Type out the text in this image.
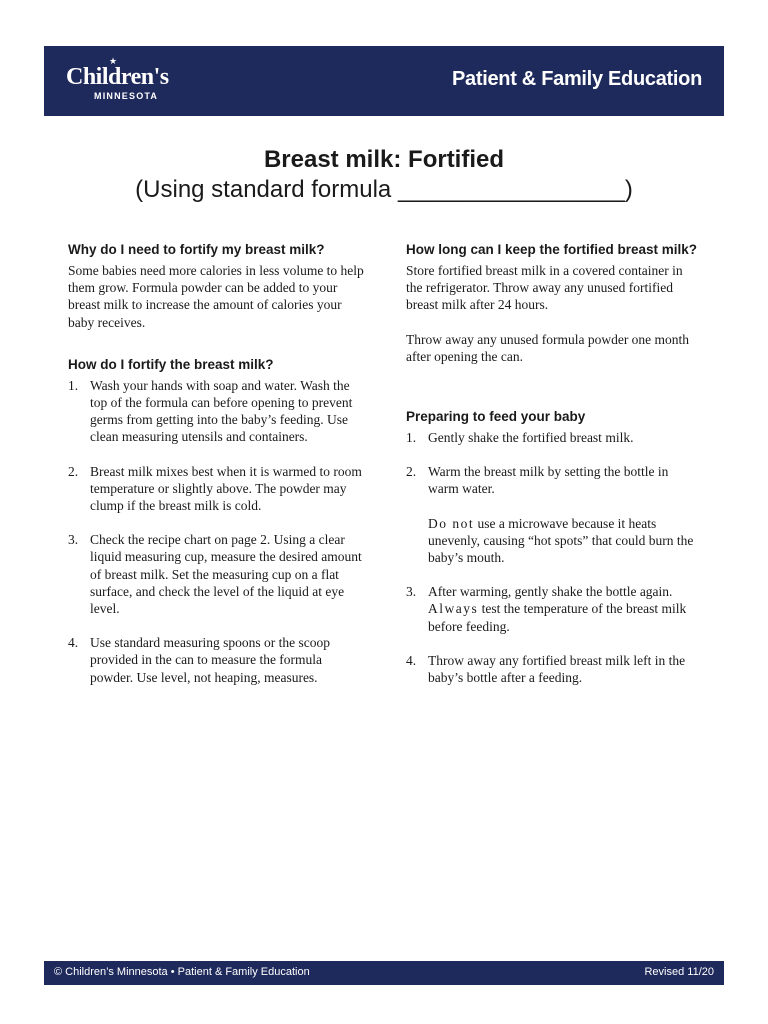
★
Children's
MINNESOTA
Patient & Family Education
Breast milk: Fortified
(Using standard formula _________________)
Why do I need to fortify my breast milk?

Some babies need more calories in less volume to help them grow. Formula powder can be added to your breast milk to increase the amount of calories your baby receives.

How do I fortify the breast milk?
1. Wash your hands with soap and water. Wash the top of the formula can before opening to prevent germs from getting into the baby’s feeding. Use clean measuring utensils and containers.
2. Breast milk mixes best when it is warmed to room temperature or slightly above. The powder may clump if the breast milk is cold.
3. Check the recipe chart on page 2. Using a clear liquid measuring cup, measure the desired amount of breast milk. Set the measuring cup on a flat surface, and check the level of the liquid at eye level.
4. Use standard measuring spoons or the scoop provided in the can to measure the formula powder. Use level, not heaping, measures.
How long can I keep the fortified breast milk?

Store fortified breast milk in a covered container in the refrigerator. Throw away any unused fortified breast milk after 24 hours.

Throw away any unused formula powder one month after opening the can.

Preparing to feed your baby
1. Gently shake the fortified breast milk.
2. Warm the breast milk by setting the bottle in warm water.
Do not use a microwave because it heats unevenly, causing “hot spots” that could burn the baby’s mouth.
3. After warming, gently shake the bottle again. Always test the temperature of the breast milk before feeding.
4. Throw away any fortified breast milk left in the baby’s bottle after a feeding.
© Children’s Minnesota • Patient & Family Education	Revised 11/20
